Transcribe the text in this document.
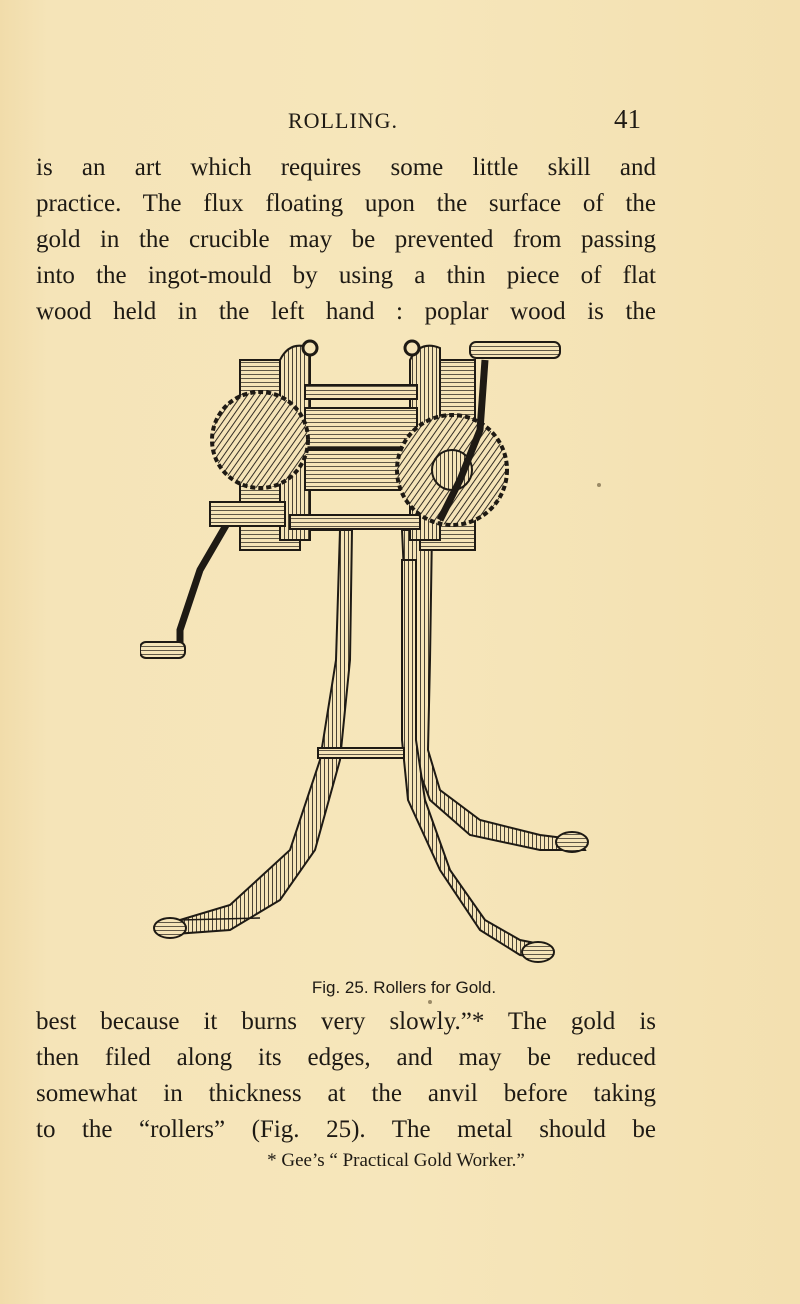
ROLLING.	41
is an art which requires some little skill and
practice. The flux floating upon the surface of the
gold in the crucible may be prevented from passing
into the ingot-mould by using a thin piece of flat
wood held in the left hand : poplar wood is the
Fig. 25. Rollers for Gold.
best because it burns very slowly.”* The gold is
then filed along its edges, and may be reduced
somewhat in thickness at the anvil before taking
to the “rollers” (Fig. 25). The metal should be
* Gee’s “ Practical Gold Worker.”
